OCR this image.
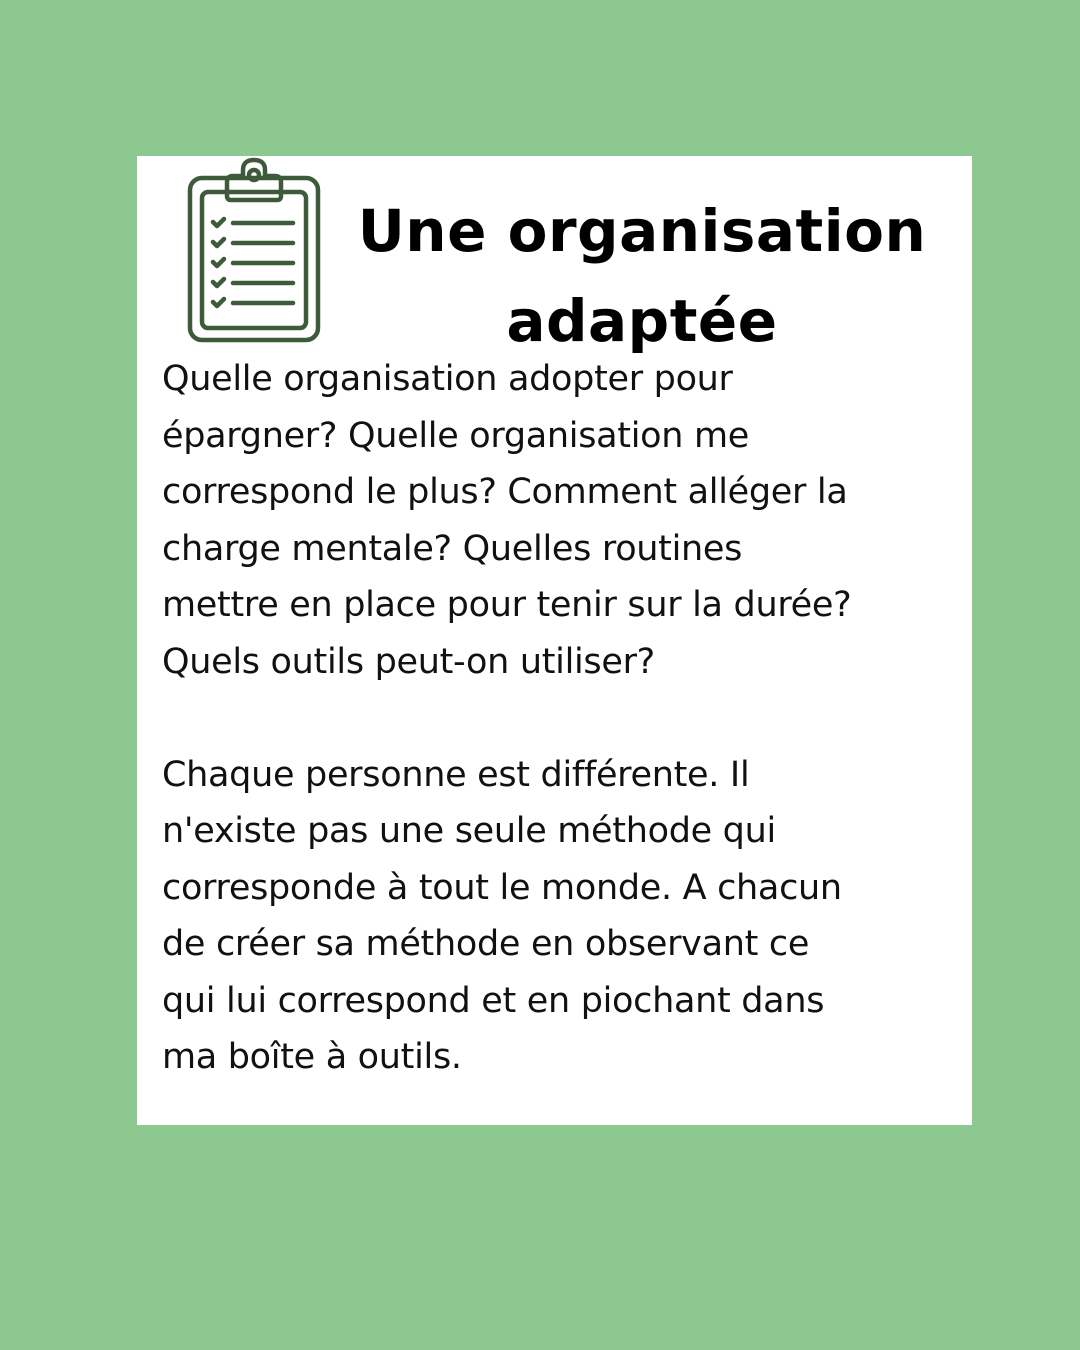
Une organisation
adaptée
Quelle organisation adopter pour
épargner? Quelle organisation me
correspond le plus? Comment alléger la
charge mentale? Quelles routines
mettre en place pour tenir sur la durée?
Quels outils peut-on utiliser?
Chaque personne est différente. Il
n'existe pas une seule méthode qui
corresponde à tout le monde. A chacun
de créer sa méthode en observant ce
qui lui correspond et en piochant dans
ma boîte à outils.
